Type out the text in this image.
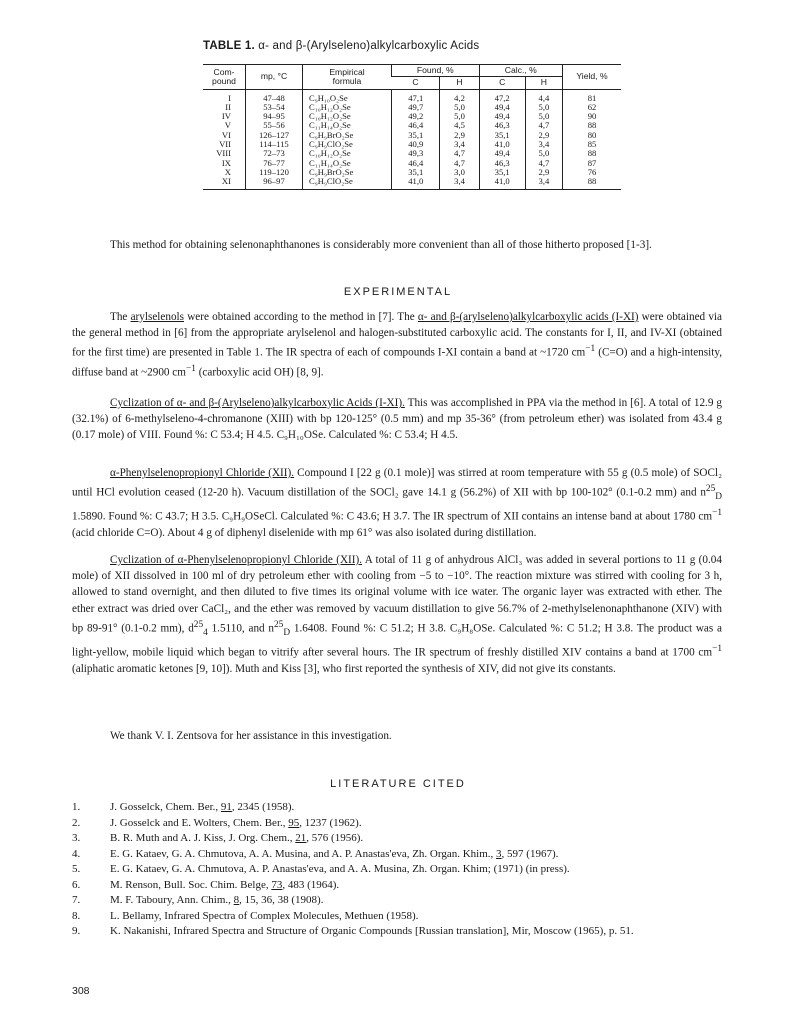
TABLE 1. α- and β-(Arylseleno)alkylcarboxylic Acids
Com-
pound	mp, °C	Empirical
formula	Found, %		Calc., %		Yield, %
			C	H	C	H	
I	47–48	C₉H₁₀O₂Se	47,1	4,2	47,2	4,4	81
II	53–54	C₁₀H₁₂O₂Se	49,7	5,0	49,4	5,0	62
IV	94–95	C₁₀H₁₂O₂Se	49,2	5,0	49,4	5,0	90
V	55–56	C₁₁H₁₄O₂Se	46,4	4,5	46,3	4,7	88
VI	126–127	C₉H₉BrO₂Se	35,1	2,9	35,1	2,9	80
VII	114–115	C₉H₉ClO₂Se	40,9	3,4	41,0	3,4	85
VIII	72–73	C₁₀H₁₂O₂Se	49,3	4,7	49,4	5,0	88
IX	76–77	C₁₁H₁₄O₂Se	46,4	4,7	46,3	4,7	87
X	119–120	C₉H₉BrO₂Se	35,1	3,0	35,1	2,9	76
XI	96–97	C₉H₉ClO₂Se	41,0	3,4	41,0	3,4	88

This method for obtaining selenonaphthanones is considerably more convenient than all of those hitherto proposed [1-3].

EXPERIMENTAL

The arylselenols were obtained according to the method in [7]. The α- and β-(arylseleno)alkylcarboxylic acids (I-XI) were obtained via the general method in [6] from the appropriate arylselenol and halogen-substituted carboxylic acid. The constants for I, II, and IV-XI (obtained for the first time) are presented in Table 1. The IR spectra of each of compounds I-XI contain a band at ~1720 $cm^{-1}$ (C=O) and a high-intensity, diffuse band at ~2900 $cm^{-1}$ (carboxylic acid OH) [8, 9].

Cyclization of α- and β-(Arylseleno)alkylcarboxylic Acids (I-XI). This was accomplished in PPA via the method in [6]. A total of 12.9 g (32.1%) of 6-methylseleno-4-chromanone (XIII) with bp 120-125° (0.5 mm) and mp 35-36° (from petroleum ether) was isolated from 43.4 g (0.17 mole) of VIII. Found %: C 53.4; H 4.5. C₉H₁₀OSe. Calculated %: C 53.4; H 4.5.

α-Phenylselenopropionyl Chloride (XII). Compound I [22 g (0.1 mole)] was stirred at room temperature with 55 g (0.5 mole) of SOCl₂ until HCl evolution ceased (12-20 h). Vacuum distillation of the SOCl₂ gave 14.1 g (56.2%) of XII with bp 100-102° (0.1-0.2 mm) and $n^{25}_D$ 1.5890. Found %: C 43.7; H 3.5. C₉H₉OSeCl. Calculated %: C 43.6; H 3.7. The IR spectrum of XII contains an intense band at about 1780 $cm^{-1}$ (acid chloride C=O). About 4 g of diphenyl diselenide with mp 61° was also isolated during distillation.

Cyclization of α-Phenylselenopropionyl Chloride (XII). A total of 11 g of anhydrous AlCl₃ was added in several portions to 11 g (0.04 mole) of XII dissolved in 100 ml of dry petroleum ether with cooling from −5 to −10°. The reaction mixture was stirred with cooling for 3 h, allowed to stand overnight, and then diluted to five times its original volume with ice water. The organic layer was extracted with ether. The ether extract was dried over CaCl₂, and the ether was removed by vacuum distillation to give 56.7% of 2-methylselenonaphthanone (XIV) with bp 89-91° (0.1-0.2 mm), $d^{25}_4$ 1.5110, and $n^{25}_D$ 1.6408. Found %: C 51.2; H 3.8. C₉H₈OSe. Calculated %: C 51.2; H 3.8. The product was a light-yellow, mobile liquid which began to vitrify after several hours. The IR spectrum of freshly distilled XIV contains a band at 1700 $cm^{-1}$ (aliphatic aromatic ketones [9, 10]). Muth and Kiss [3], who first reported the synthesis of XIV, did not give its constants.

We thank V. I. Zentsova for her assistance in this investigation.

LITERATURE CITED
1.	J. Gosselck, Chem. Ber., 91, 2345 (1958).
2.	J. Gosselck and E. Wolters, Chem. Ber., 95, 1237 (1962).
3.	B. R. Muth and A. J. Kiss, J. Org. Chem., 21, 576 (1956).
4.	E. G. Kataev, G. A. Chmutova, A. A. Musina, and A. P. Anastas'eva, Zh. Organ. Khim., 3, 597 (1967).
5.	E. G. Kataev, G. A. Chmutova, A. P. Anastas'eva, and A. A. Musina, Zh. Organ. Khim; (1971) (in press).
6.	M. Renson, Bull. Soc. Chim. Belge, 73, 483 (1964).
7.	M. F. Taboury, Ann. Chim., 8, 15, 36, 38 (1908).
8.	L. Bellamy, Infrared Spectra of Complex Molecules, Methuen (1958).
9.	K. Nakanishi, Infrared Spectra and Structure of Organic Compounds [Russian translation], Mir, Moscow (1965), p. 51.
308
